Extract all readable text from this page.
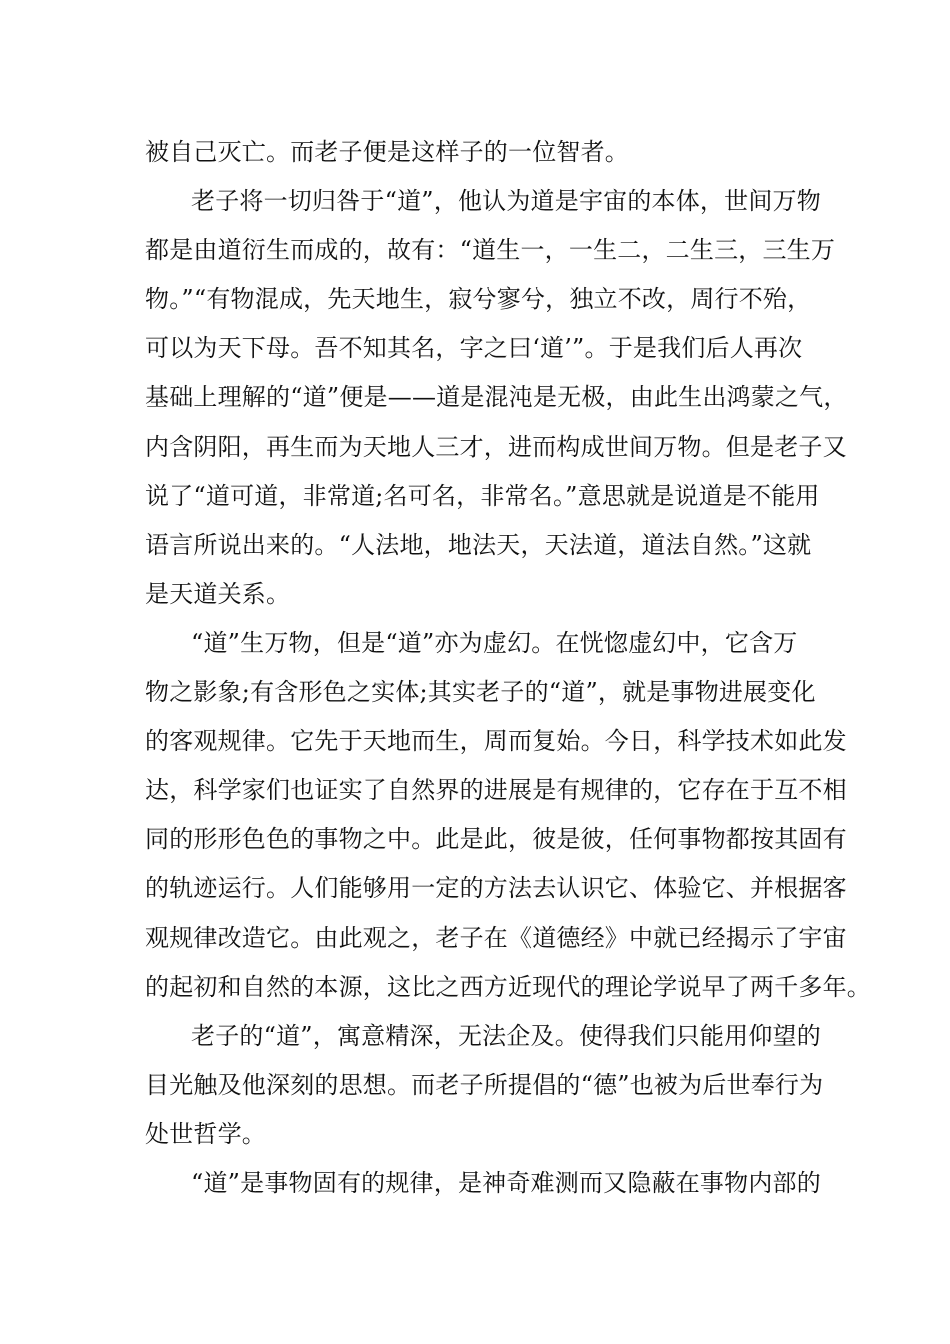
被自己灭亡。而老子便是这样子的一位智者。
老子将一切归咎于“道”，他认为道是宇宙的本体，世间万物
都是由道衍生而成的，故有：“道生一，一生二，二生三，三生万
物。”“有物混成，先天地生，寂兮寥兮，独立不改，周行不殆，
可以为天下母。吾不知其名，字之曰‘道’”。于是我们后人再次
基础上理解的“道”便是——道是混沌是无极，由此生出鸿蒙之气，
内含阴阳，再生而为天地人三才，进而构成世间万物。但是老子又
说了“道可道，非常道;名可名，非常名。”意思就是说道是不能用
语言所说出来的。“人法地，地法天，天法道，道法自然。”这就
是天道关系。
“道”生万物，但是“道”亦为虚幻。在恍惚虚幻中，它含万
物之影象;有含形色之实体;其实老子的“道”，就是事物进展变化
的客观规律。它先于天地而生，周而复始。今日，科学技术如此发
达，科学家们也证实了自然界的进展是有规律的，它存在于互不相
同的形形色色的事物之中。此是此，彼是彼，任何事物都按其固有
的轨迹运行。人们能够用一定的方法去认识它、体验它、并根据客
观规律改造它。由此观之，老子在《道德经》中就已经揭示了宇宙
的起初和自然的本源，这比之西方近现代的理论学说早了两千多年。
老子的“道”，寓意精深，无法企及。使得我们只能用仰望的
目光触及他深刻的思想。而老子所提倡的“德”也被为后世奉行为
处世哲学。
“道”是事物固有的规律，是神奇难测而又隐蔽在事物内部的
